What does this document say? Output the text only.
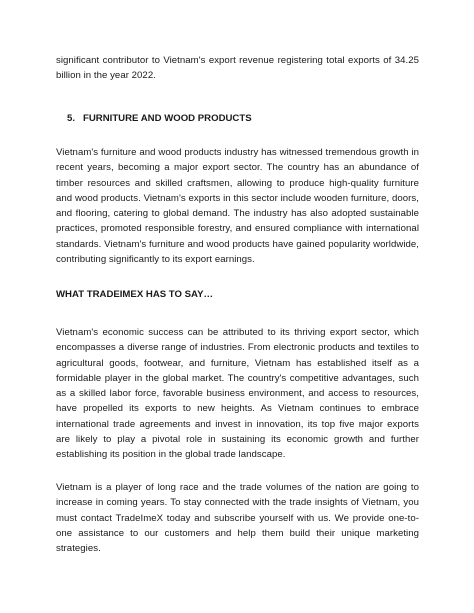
significant contributor to Vietnam's export revenue registering total exports of 34.25 billion in the year 2022.

5. FURNITURE AND WOOD PRODUCTS

Vietnam's furniture and wood products industry has witnessed tremendous growth in recent years, becoming a major export sector. The country has an abundance of timber resources and skilled craftsmen, allowing to produce high-quality furniture and wood products. Vietnam's exports in this sector include wooden furniture, doors, and flooring, catering to global demand. The industry has also adopted sustainable practices, promoted responsible forestry, and ensured compliance with international standards. Vietnam's furniture and wood products have gained popularity worldwide, contributing significantly to its export earnings.

WHAT TRADEIMEX HAS TO SAY…

Vietnam's economic success can be attributed to its thriving export sector, which encompasses a diverse range of industries. From electronic products and textiles to agricultural goods, footwear, and furniture, Vietnam has established itself as a formidable player in the global market. The country's competitive advantages, such as a skilled labor force, favorable business environment, and access to resources, have propelled its exports to new heights. As Vietnam continues to embrace international trade agreements and invest in innovation, its top five major exports are likely to play a pivotal role in sustaining its economic growth and further establishing its position in the global trade landscape.

Vietnam is a player of long race and the trade volumes of the nation are going to increase in coming years. To stay connected with the trade insights of Vietnam, you must contact TradeImeX today and subscribe yourself with us. We provide one-to-one assistance to our customers and help them build their unique marketing strategies.
